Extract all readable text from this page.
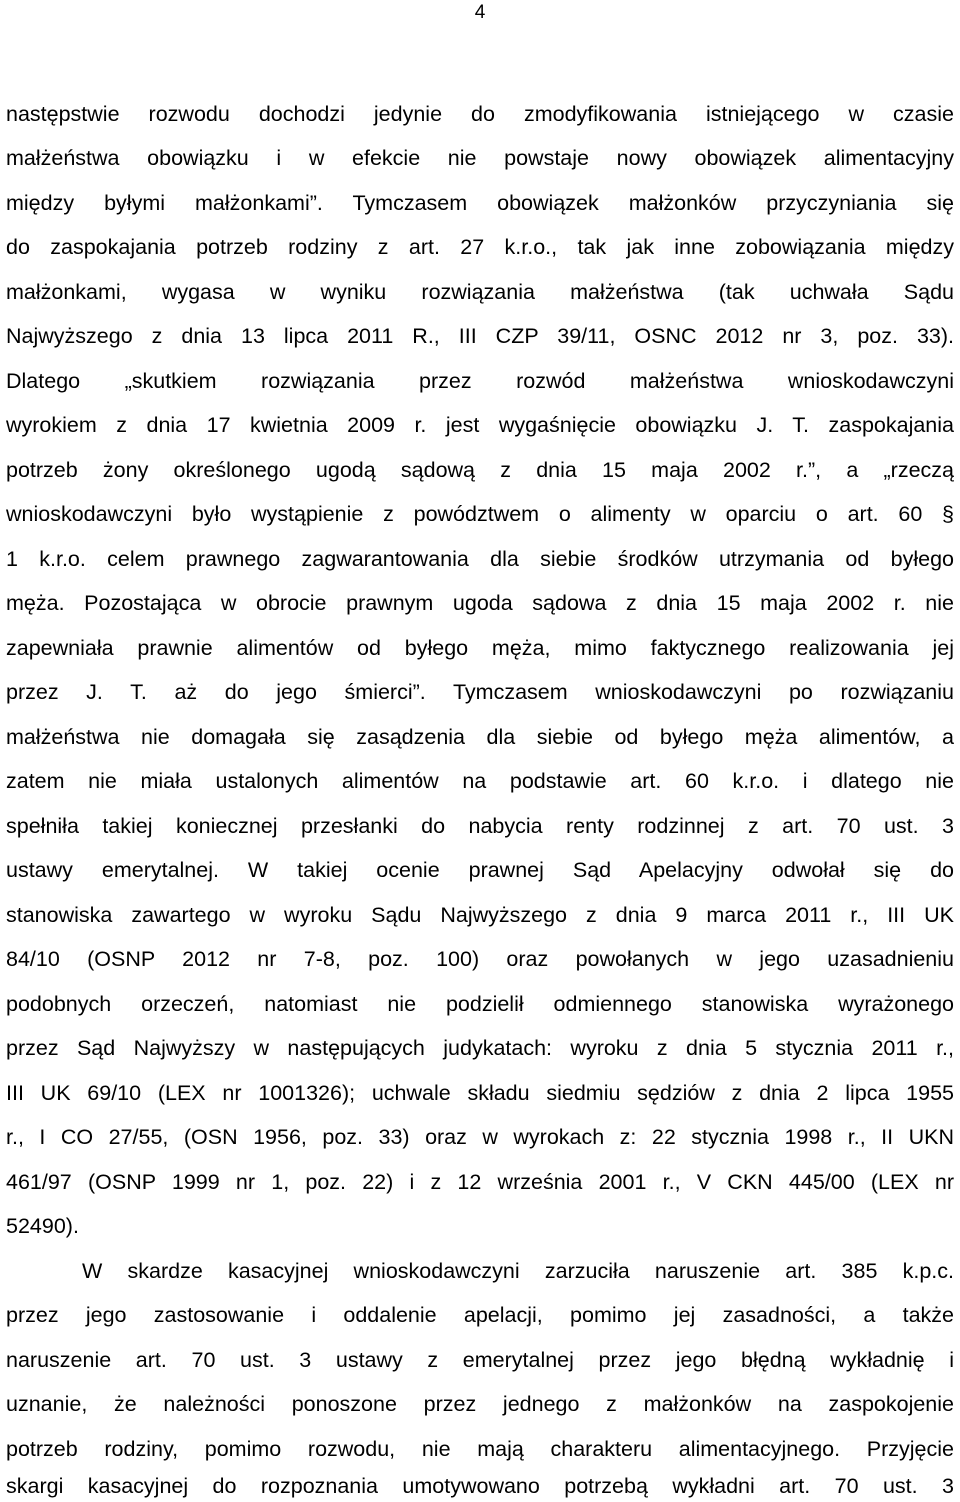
4
następstwie rozwodu dochodzi jedynie do zmodyfikowania istniejącego w czasie
małżeństwa obowiązku i w efekcie nie powstaje nowy obowiązek alimentacyjny
między byłymi małżonkami”. Tymczasem obowiązek małżonków przyczyniania się
do zaspokajania potrzeb rodziny z art. 27 k.r.o., tak jak inne zobowiązania między
małżonkami, wygasa w wyniku rozwiązania małżeństwa (tak uchwała Sądu
Najwyższego z dnia 13 lipca 2011 R., III CZP 39/11, OSNC 2012 nr 3, poz. 33).
Dlatego „skutkiem rozwiązania przez rozwód małżeństwa wnioskodawczyni
wyrokiem z dnia 17 kwietnia 2009 r. jest wygaśnięcie obowiązku J. T. zaspokajania
potrzeb żony określonego ugodą sądową z dnia 15 maja 2002 r.”, a „rzeczą
wnioskodawczyni było wystąpienie z powództwem o alimenty w oparciu o art. 60 §
1 k.r.o. celem prawnego zagwarantowania dla siebie środków utrzymania od byłego
męża. Pozostająca w obrocie prawnym ugoda sądowa z dnia 15 maja 2002 r. nie
zapewniała prawnie alimentów od byłego męża, mimo faktycznego realizowania jej
przez J. T. aż do jego śmierci”. Tymczasem wnioskodawczyni po rozwiązaniu
małżeństwa nie domagała się zasądzenia dla siebie od byłego męża alimentów, a
zatem nie miała ustalonych alimentów na podstawie art. 60 k.r.o. i dlatego nie
spełniła takiej koniecznej przesłanki do nabycia renty rodzinnej z art. 70 ust. 3
ustawy emerytalnej. W takiej ocenie prawnej Sąd Apelacyjny odwołał się do
stanowiska zawartego w wyroku Sądu Najwyższego z dnia 9 marca 2011 r., III UK
84/10 (OSNP 2012 nr 7-8, poz. 100) oraz powołanych w jego uzasadnieniu
podobnych orzeczeń, natomiast nie podzielił odmiennego stanowiska wyrażonego
przez Sąd Najwyższy w następujących judykatach: wyroku z dnia 5 stycznia 2011 r.,
III UK 69/10 (LEX nr 1001326); uchwale składu siedmiu sędziów z dnia 2 lipca 1955
r., I CO 27/55, (OSN 1956, poz. 33) oraz w wyrokach z: 22 stycznia 1998 r., II UKN
461/97 (OSNP 1999 nr 1, poz. 22) i z 12 września 2001 r., V CKN 445/00 (LEX nr
52490).
W skardze kasacyjnej wnioskodawczyni zarzuciła naruszenie art. 385 k.p.c.
przez jego zastosowanie i oddalenie apelacji, pomimo jej zasadności, a także
naruszenie art. 70 ust. 3 ustawy z emerytalnej przez jego błędną wykładnię i
uznanie, że należności ponoszone przez jednego z małżonków na zaspokojenie
potrzeb rodziny, pomimo rozwodu, nie mają charakteru alimentacyjnego. Przyjęcie
skargi kasacyjnej do rozpoznania umotywowano potrzebą wykładni art. 70 ust. 3
